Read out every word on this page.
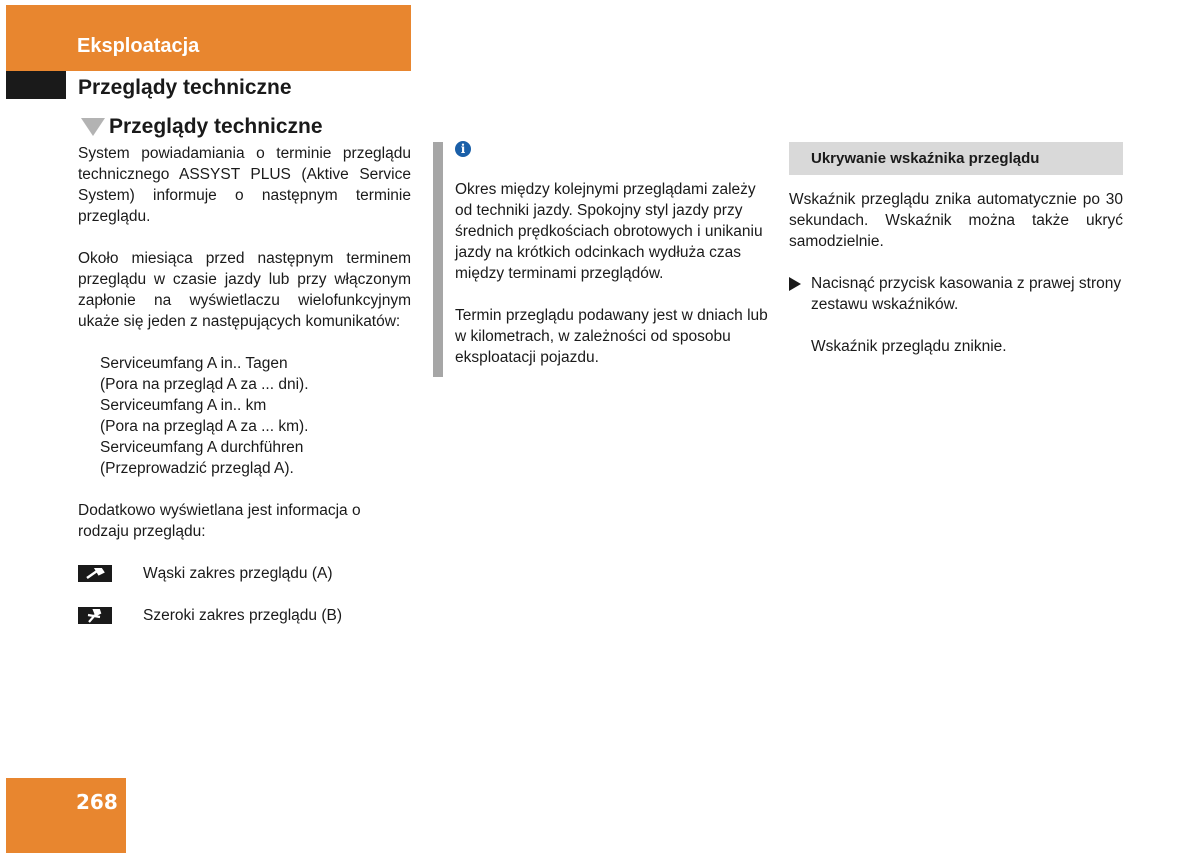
Eksploatacja
Przeglądy techniczne
Przeglądy techniczne

System powiadamiania o terminie przeglądu technicznego ASSYST PLUS (Aktive Service System) informuje o następnym terminie przeglądu.

Około miesiąca przed następnym terminem przeglądu w czasie jazdy lub przy włączonym zapłonie na wyświetlaczu wielofunkcyjnym ukaże się jeden z następujących komunikatów:

Serviceumfang A in.. Tagen

(Pora na przegląd A za ... dni).

Serviceumfang A in.. km

(Pora na przegląd A za ... km).

Serviceumfang A durchführen

(Przeprowadzić przegląd A).

Dodatkowo wyświetlana jest informacja o rodzaju przeglądu:

Wąski zakres przeglądu (A)
Szeroki zakres przeglądu (B)
i

Okres między kolejnymi przeglądami zależy od techniki jazdy. Spokojny styl jazdy przy średnich prędkościach obrotowych i unikaniu jazdy na krótkich odcinkach wydłuża czas między terminami przeglądów.

Termin przeglądu podawany jest w dniach lub w kilometrach, w zależności od sposobu eksploatacji pojazdu.

Ukrywanie wskaźnika przeglądu

Wskaźnik przeglądu znika automatycznie po 30 sekundach. Wskaźnik można także ukryć samodzielnie.

Nacisnąć przycisk kasowania z prawej strony zestawu wskaźników.

Wskaźnik przeglądu zniknie.

268
